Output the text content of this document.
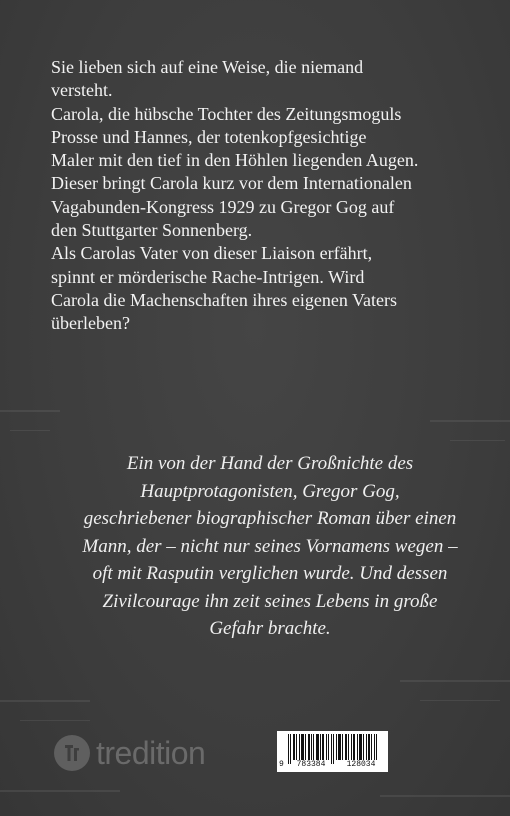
Sie lieben sich auf eine Weise, die niemand

versteht.

Carola, die hübsche Tochter des Zeitungsmoguls

Prosse und Hannes, der totenkopfgesichtige

Maler mit den tief in den Höhlen liegenden Augen.

Dieser bringt Carola kurz vor dem Internationalen

Vagabunden-Kongress 1929 zu Gregor Gog auf

den Stuttgarter Sonnenberg.

Als Carolas Vater von dieser Liaison erfährt,

spinnt er mörderische Rache-Intrigen. Wird

Carola die Machenschaften ihres eigenen Vaters

überleben?

Ein von der Hand der Großnichte des

Hauptprotagonisten, Gregor Gog,

geschriebener biographischer Roman über einen

Mann, der – nicht nur seines Vornamens wegen –

oft mit Rasputin verglichen wurde. Und dessen

Zivilcourage ihn zeit seines Lebens in große

Gefahr brachte.

tredition	9	783384	128034
